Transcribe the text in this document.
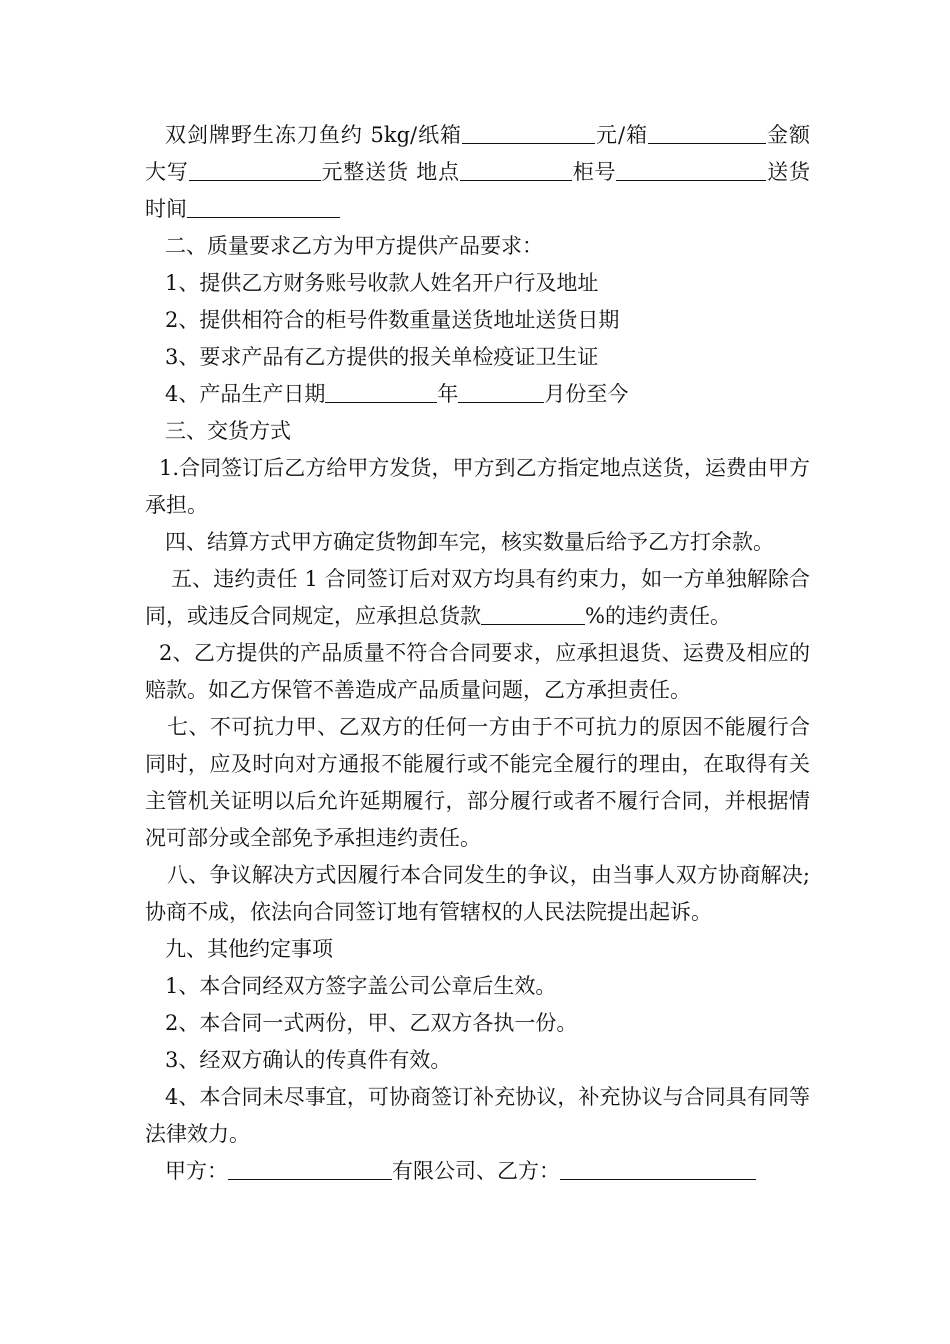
双剑牌野生冻刀鱼约 5kg/纸箱	元/箱	金额大写	元整送货 地点	柜号	送货时间

二、质量要求乙方为甲方提供产品要求：

1、提供乙方财务账号收款人姓名开户行及地址

2、提供相符合的柜号件数重量送货地址送货日期

3、要求产品有乙方提供的报关单检疫证卫生证

4、产品生产日期	年	月份至今

三、交货方式

1.合同签订后乙方给甲方发货，甲方到乙方指定地点送货，运费由甲方承担。

四、结算方式甲方确定货物卸车完，核实数量后给予乙方打余款。

五、违约责任 1 合同签订后对双方均具有约束力，如一方单独解除合同，或违反合同规定，应承担总货款	%的违约责任。

2、乙方提供的产品质量不符合合同要求，应承担退货、运费及相应的赔款。如乙方保管不善造成产品质量问题，乙方承担责任。

七、不可抗力甲、乙双方的任何一方由于不可抗力的原因不能履行合同时，应及时向对方通报不能履行或不能完全履行的理由，在取得有关主管机关证明以后允许延期履行，部分履行或者不履行合同，并根据情况可部分或全部免予承担违约责任。

八、争议解决方式因履行本合同发生的争议，由当事人双方协商解决;协商不成，依法向合同签订地有管辖权的人民法院提出起诉。

九、其他约定事项

1、本合同经双方签字盖公司公章后生效。

2、本合同一式两份，甲、乙双方各执一份。

3、经双方确认的传真件有效。

4、本合同未尽事宜，可协商签订补充协议，补充协议与合同具有同等法律效力。

甲方：	有限公司、乙方：
